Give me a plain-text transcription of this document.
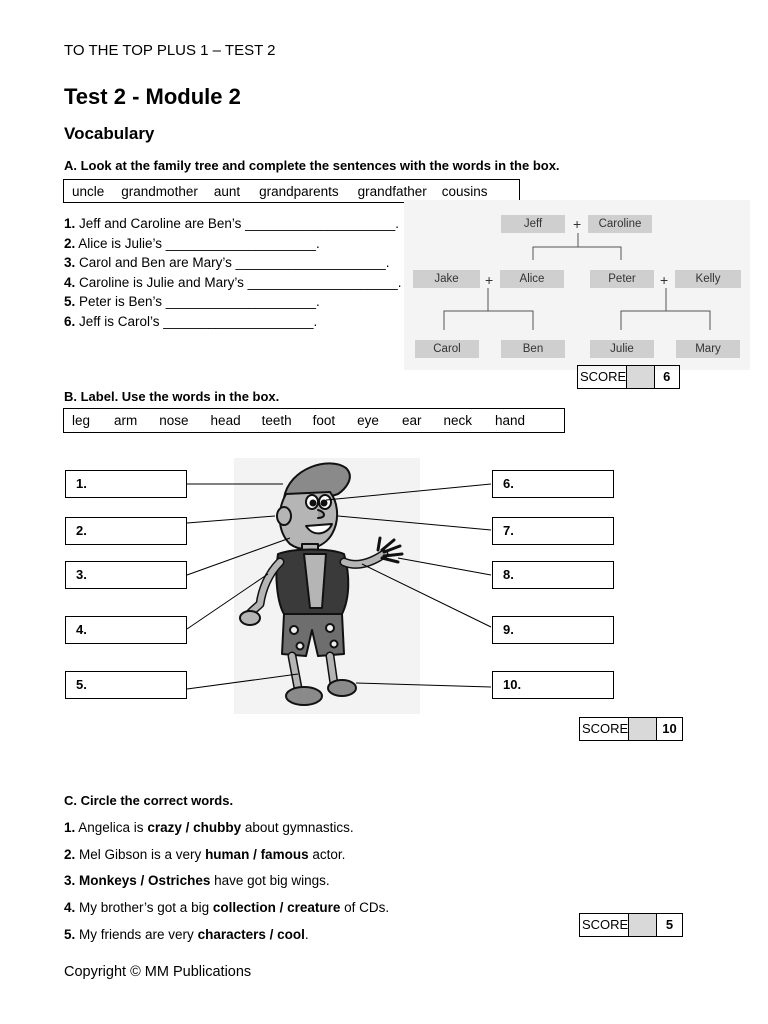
TO THE TOP PLUS 1 – TEST 2
Test 2 - Module 2
Vocabulary
A. Look at the family tree and complete the sentences with the words in the box.
uncle grandmother aunt grandparents grandfather cousins
1. Jeff and Caroline are Ben’s ____________________.
2. Alice is Julie’s ____________________.
3. Carol and Ben are Mary’s ____________________.
4. Caroline is Julie and Mary’s ____________________.
5. Peter is Ben’s ____________________.
6. Jeff is Carol’s ____________________.
Jeff	+	Caroline
Jake	+	Alice	Peter	+	Kelly
Carol	Ben	Julie	Mary
SCORE	6
B. Label. Use the words in the box.
leg arm nose head teeth foot eye ear neck hand
1.
2.
3.
4.
5.
6.
7.
8.
9.
10.
SCORE	10
C. Circle the correct words.
1. Angelica is crazy / chubby about gymnastics.
2. Mel Gibson is a very human / famous actor.
3. Monkeys / Ostriches have got big wings.
4. My brother’s got a big collection / creature of CDs.
5. My friends are very characters / cool.
SCORE	5
Copyright © MM Publications
